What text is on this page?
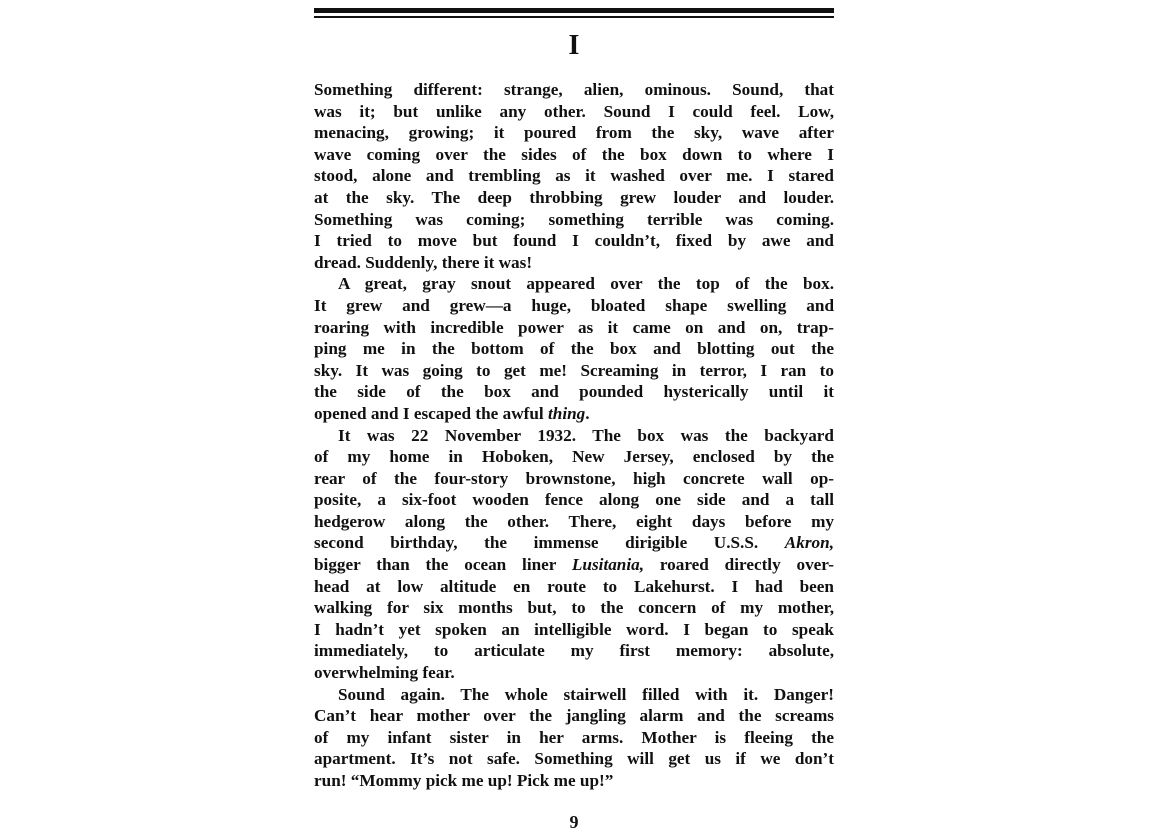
I

Something different: strange, alien, ominous. Sound, that
was it; but unlike any other. Sound I could feel. Low,
menacing, growing; it poured from the sky, wave after
wave coming over the sides of the box down to where I
stood, alone and trembling as it washed over me. I stared
at the sky. The deep throbbing grew louder and louder.
Something was coming; something terrible was coming.
I tried to move but found I couldn’t, fixed by awe and
dread. Suddenly, there it was!

A great, gray snout appeared over the top of the box.
It grew and grew—a huge, bloated shape swelling and
roaring with incredible power as it came on and on, trap-
ping me in the bottom of the box and blotting out the
sky. It was going to get me! Screaming in terror, I ran to
the side of the box and pounded hysterically until it
opened and I escaped the awful thing.

It was 22 November 1932. The box was the backyard
of my home in Hoboken, New Jersey, enclosed by the
rear of the four-story brownstone, high concrete wall op-
posite, a six-foot wooden fence along one side and a tall
hedgerow along the other. There, eight days before my
second birthday, the immense dirigible U.S.S. Akron,
bigger than the ocean liner Lusitania, roared directly over-
head at low altitude en route to Lakehurst. I had been
walking for six months but, to the concern of my mother,
I hadn’t yet spoken an intelligible word. I began to speak
immediately, to articulate my first memory: absolute,
overwhelming fear.

Sound again. The whole stairwell filled with it. Danger!
Can’t hear mother over the jangling alarm and the screams
of my infant sister in her arms. Mother is fleeing the
apartment. It’s not safe. Something will get us if we don’t
run! “Mommy pick me up! Pick me up!”

9
